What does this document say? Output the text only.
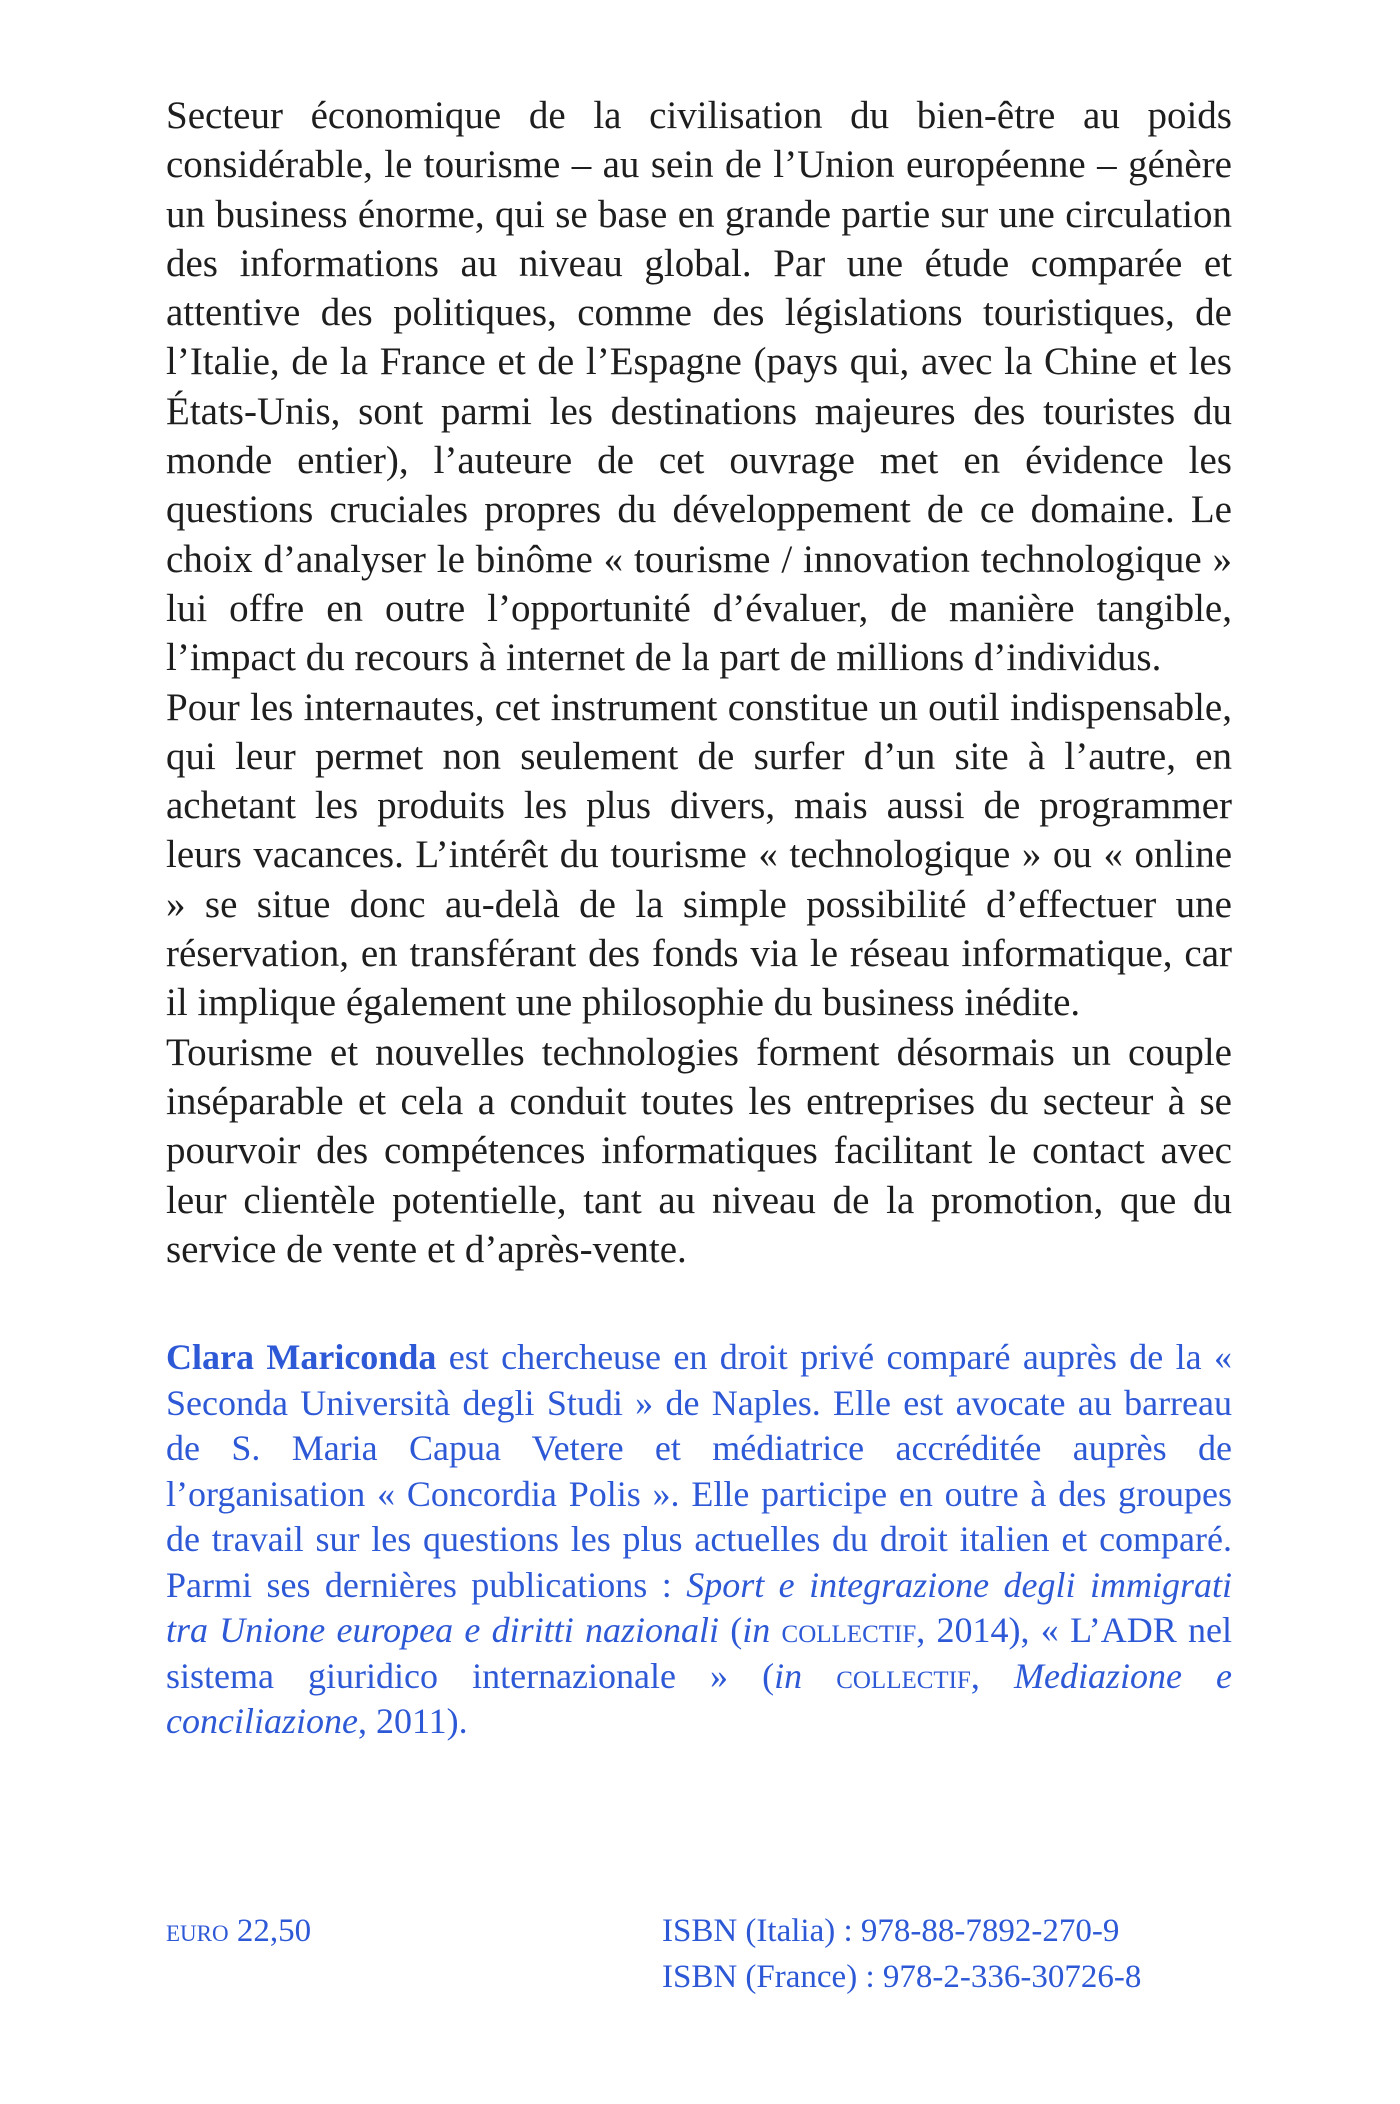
Secteur économique de la civilisation du bien-être au poids considérable, le tourisme – au sein de l’Union européenne – génère un business énorme, qui se base en grande partie sur une circulation des informations au niveau global. Par une étude comparée et attentive des politiques, comme des législations touristiques, de l’Italie, de la France et de l’Espagne (pays qui, avec la Chine et les États-Unis, sont parmi les destinations majeures des touristes du monde entier), l’auteure de cet ouvrage met en évidence les questions cruciales propres du développement de ce domaine. Le choix d’analyser le binôme « tourisme / innovation technologique » lui offre en outre l’opportunité d’évaluer, de manière tangible, l’impact du recours à internet de la part de millions d’individus.

Pour les internautes, cet instrument constitue un outil indispensable, qui leur permet non seulement de surfer d’un site à l’autre, en achetant les produits les plus divers, mais aussi de programmer leurs vacances. L’intérêt du tourisme « technologique » ou « online » se situe donc au-delà de la simple possibilité d’effectuer une réservation, en transférant des fonds via le réseau informatique, car il implique également une philosophie du business inédite.

Tourisme et nouvelles technologies forment désormais un couple inséparable et cela a conduit toutes les entreprises du secteur à se pourvoir des compétences informatiques facilitant le contact avec leur clientèle potentielle, tant au niveau de la promotion, que du service de vente et d’après-vente.

Clara Mariconda est chercheuse en droit privé comparé auprès de la « Seconda Università degli Studi » de Naples. Elle est avocate au barreau de S. Maria Capua Vetere et médiatrice accréditée auprès de l’organisation « Concordia Polis ». Elle participe en outre à des groupes de travail sur les questions les plus actuelles du droit italien et comparé. Parmi ses dernières publications : Sport e integrazione degli immigrati tra Unione europea e diritti nazionali (in collectif, 2014), « L’ADR nel sistema giuridico internazionale » (in collectif, Mediazione e conciliazione, 2011).

euro 22,50	ISBN (Italia) : 978-88-7892-270-9
ISBN (France) : 978-2-336-30726-8
